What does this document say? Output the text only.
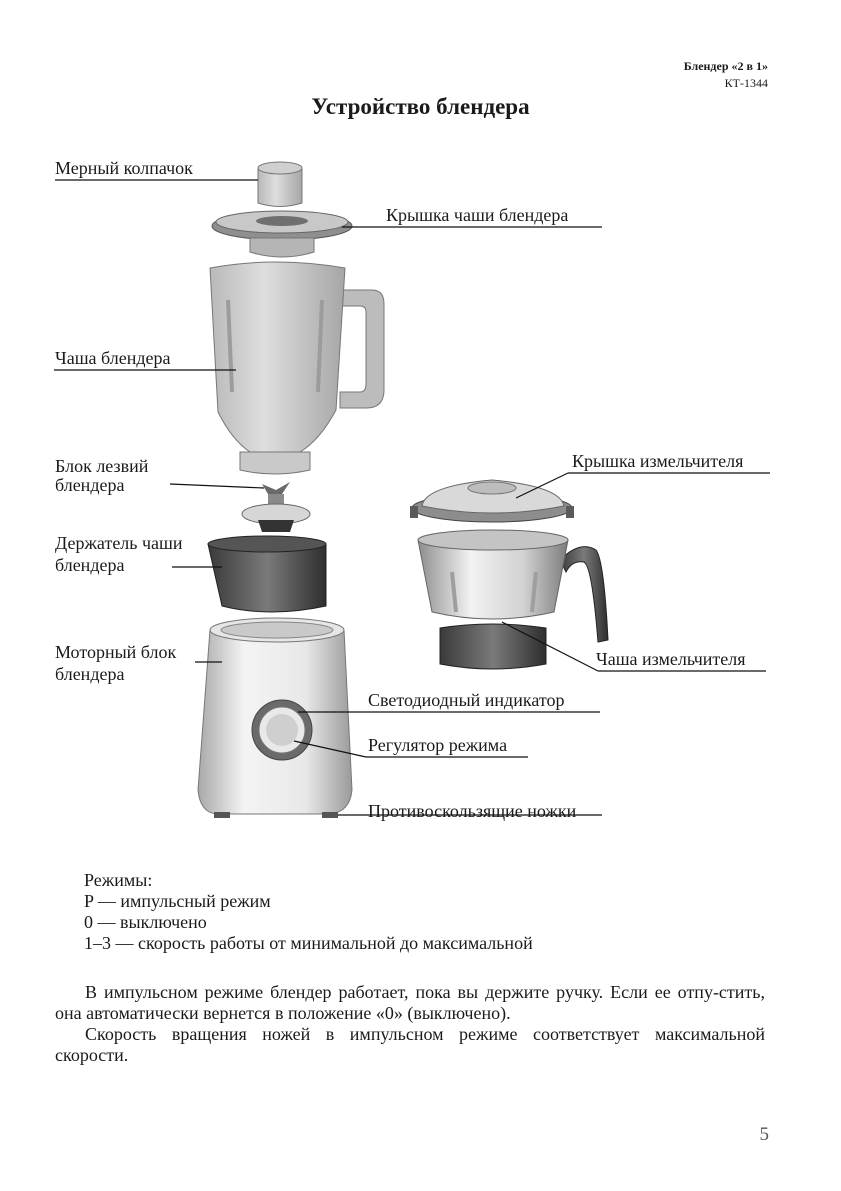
Блендер «2 в 1»
КТ-1344
Устройство блендера
Мерный колпачок
Крышка чаши блендера
Чаша блендера
Блок лезвий
блендера
Держатель чаши
блендера
Моторный блок
блендера
Крышка измельчителя
Чаша измельчителя
Светодиодный индикатор
Регулятор режима
Противоскользящие ножки
Режимы:
P — импульсный режим
0 — выключено
1–3 — скорость работы от минимальной до максимальной
В импульсном режиме блендер работает, пока вы держите ручку. Если ее отпу-стить, она автоматически вернется в положение «0» (выключено).
Скорость вращения ножей в импульсном режиме соответствует максимальной скорости.
5
